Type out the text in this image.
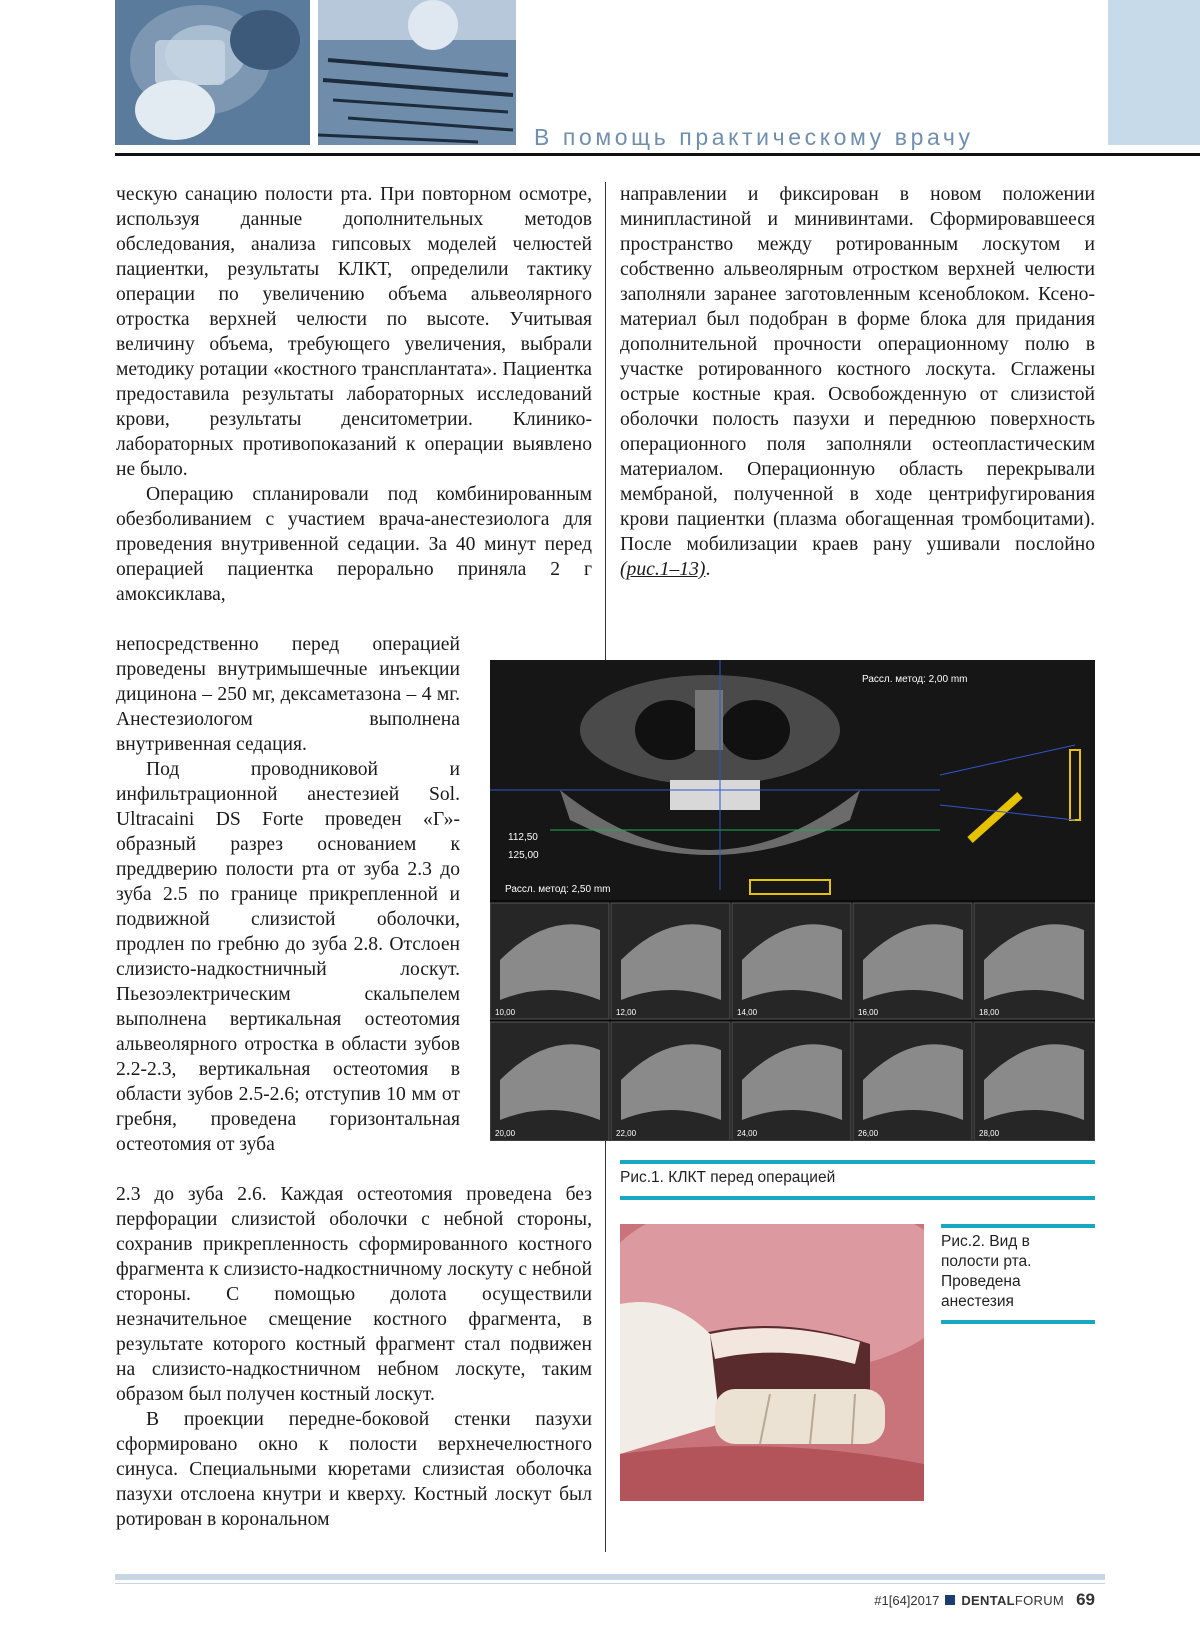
В помощь практическому врачу

ческую санацию полости рта. При повторном осмотре, используя данные дополнительных методов обследования, анализа гипсовых моделей челюстей пациентки, результаты КЛКТ, определили тактику операции по увеличению объема альвеолярного отростка верхней челюсти по высоте. Учитывая величину объема, требующего увеличения, выбрали методику ротации «костного трансплантата». Пациентка предоставила результаты лабораторных исследований крови, результаты денситометрии. Клинико-лабораторных противопоказаний к операции выявлено не было.

Операцию спланировали под комбинированным обезболиванием с участием врача-анестезиолога для проведения внутривенной седации. За 40 минут перед операцией пациентка перорально приняла 2 г амоксиклава,

непосредственно перед операцией проведены внутримышечные инъекции дицинона – 250 мг, дексаметазона – 4 мг. Анестезиологом выполнена внутривенная седация.

Под проводниковой и инфильтрационной анестезией Sol. Ultracaini DS Forte проведен «Г»-образный разрез основанием к преддверию полости рта от зуба 2.3 до зуба 2.5 по границе прикрепленной и подвижной слизистой оболочки, продлен по гребню до зуба 2.8. Отслоен слизисто-надкостничный лоскут. Пьезоэлектрическим скальпелем выполнена вертикальная остеотомия альвеолярного отростка в области зубов 2.2-2.3, вертикальная остеотомия в области зубов 2.5-2.6; отступив 10 мм от гребня, проведена горизонтальная остеотомия от зуба

2.3 до зуба 2.6. Каждая остеотомия проведена без перфорации слизистой оболочки с небной стороны, сохранив прикрепленность сформированного костного фрагмента к слизисто-надкостничному лоскуту с небной стороны. С помощью долота осуществили незначительное смещение костного фрагмента, в результате которого костный фрагмент стал подвижен на слизисто-надкостничном небном лоскуте, таким образом был получен костный лоскут.

В проекции передне-боковой стенки пазухи сформировано окно к полости верхнечелюстного синуса. Специальными кюретами слизистая оболочка пазухи отслоена кнутри и кверху. Костный лоскут был ротирован в корональном

направлении и фиксирован в новом положении минипластиной и минивинтами. Сформировавшееся пространство между ротированным лоскутом и собственно альвеолярным отростком верхней челюсти заполняли заранее заготовленным ксеноблоком. Ксено-материал был подобран в форме блока для придания дополнительной прочности операционному полю в участке ротированного костного лоскута. Сглажены острые костные края. Освобожденную от слизистой оболочки полость пазухи и переднюю поверхность операционного поля заполняли остеопластическим материалом. Операционную область перекрывали мембраной, полученной в ходе центрифугирования крови пациентки (плазма обогащенная тромбоцитами). После мобилизации краев рану ушивали послойно (рис.1–13).

Рассл. метод: 2,00 mm
Рассл. метод: 2,50 mm
112,50
125,00
10,00	12,00	14,00	16,00	18,00
20,00	22,00	24,00	26,00	28,00
Рис.1. КЛКТ перед операцией
Рис.2. Вид в полости рта. Проведена анестезия
#1[64]2017 DENTALFORUM 69
